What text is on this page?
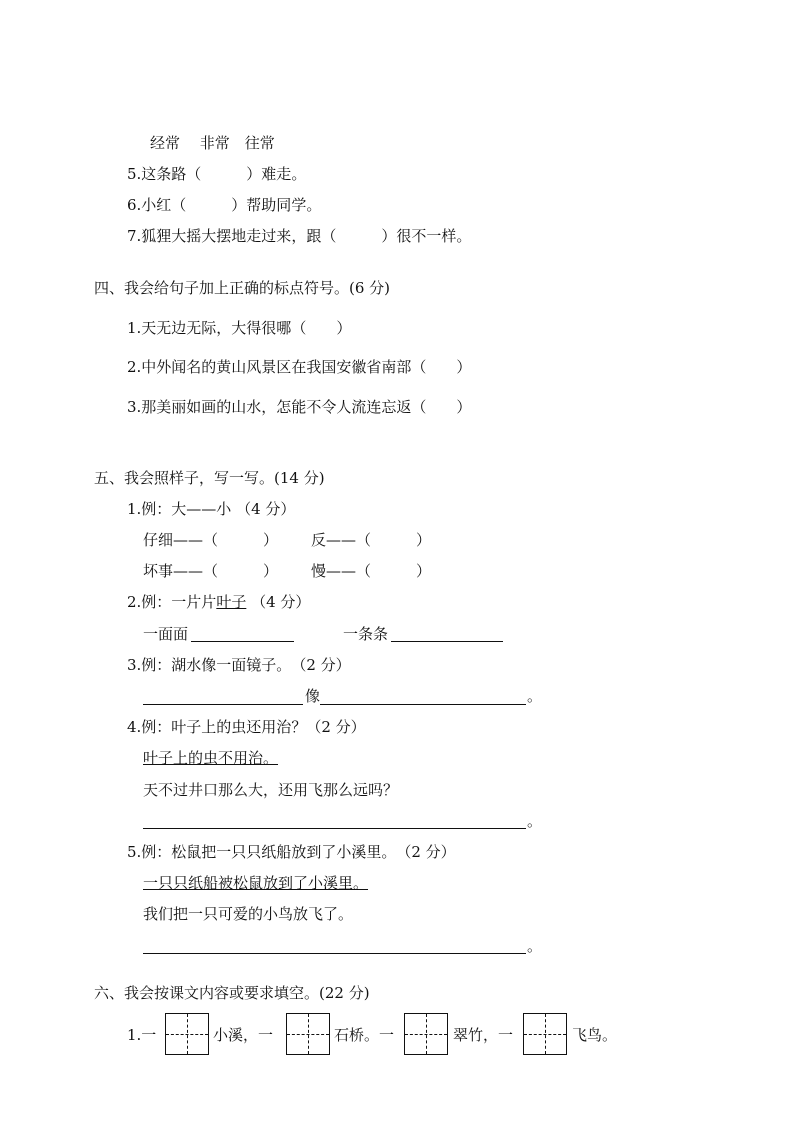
经常　 非常　往常
5.这条路（　　　）难走。
6.小红（　　　）帮助同学。
7.狐狸大摇大摆地走过来，跟（　　　）很不一样。
四、我会给句子加上正确的标点符号。(6 分)
1.天无边无际，大得很哪（　　）
2.中外闻名的黄山风景区在我国安徽省南部（　　）
3.那美丽如画的山水，怎能不令人流连忘返（　　）
五、我会照样子，写一写。(14 分)
1.例：大——小 （4 分）
仔细——（　　　） 反——（　　　）
坏事——（　　　） 慢——（　　　）
2.例：一片片叶子 （4 分）
一面面	一条条
3.例：湖水像一面镜子。　（2 分）
像	。
4.例：叶子上的虫还用治？（2 分）
叶子上的虫不用治。
天不过井口那么大，还用飞那么远吗？
。
5.例：松鼠把一只只纸船放到了小溪里。　（2 分）
一只只纸船被松鼠放到了小溪里。
我们把一只可爱的小鸟放飞了。
。
六、我会按课文内容或要求填空。(22 分)
1.一	小溪，一	石桥。一	翠竹，一	飞鸟。
